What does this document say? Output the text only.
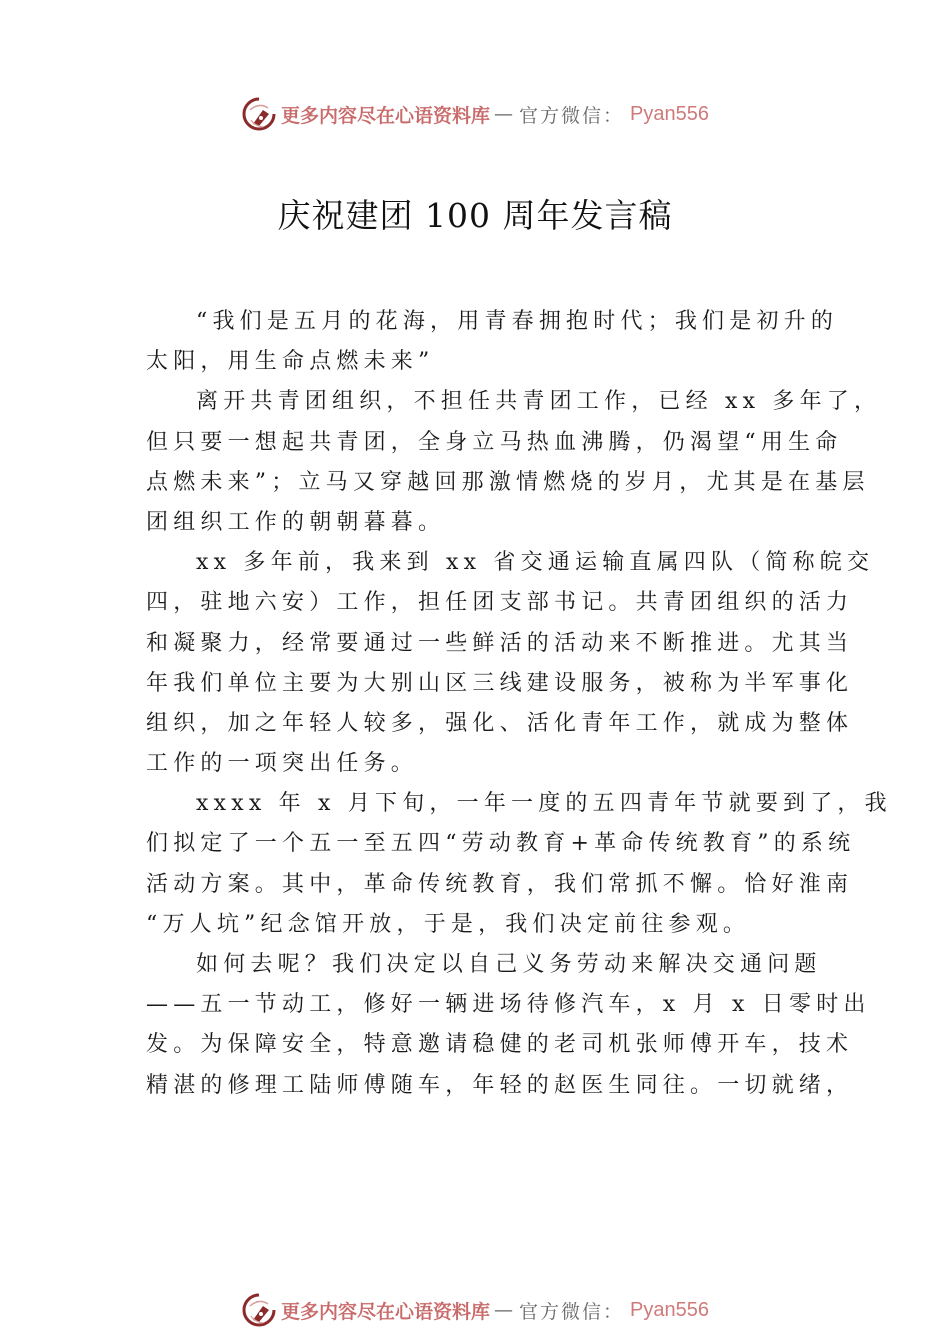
更多内容尽在心语资料库 — 官方微信： Pyan556
庆祝建团 100 周年发言稿
“我们是五月的花海，用青春拥抱时代；我们是初升的
太阳，用生命点燃未来”
离开共青团组织，不担任共青团工作，已经 xx 多年了，
但只要一想起共青团，全身立马热血沸腾，仍渴望“用生命
点燃未来”；立马又穿越回那激情燃烧的岁月，尤其是在基层
团组织工作的朝朝暮暮。
xx 多年前，我来到 xx 省交通运输直属四队（简称皖交
四，驻地六安）工作，担任团支部书记。共青团组织的活力
和凝聚力，经常要通过一些鲜活的活动来不断推进。尤其当
年我们单位主要为大别山区三线建设服务，被称为半军事化
组织，加之年轻人较多，强化、活化青年工作，就成为整体
工作的一项突出任务。
xxxx 年 x 月下旬，一年一度的五四青年节就要到了，我
们拟定了一个五一至五四“劳动教育+革命传统教育”的系统
活动方案。其中，革命传统教育，我们常抓不懈。恰好淮南
“万人坑”纪念馆开放，于是，我们决定前往参观。
如何去呢？我们决定以自己义务劳动来解决交通问题
——五一节动工，修好一辆进场待修汽车，x 月 x 日零时出
发。为保障安全，特意邀请稳健的老司机张师傅开车，技术
精湛的修理工陆师傅随车，年轻的赵医生同往。一切就绪，
更多内容尽在心语资料库 — 官方微信： Pyan556
